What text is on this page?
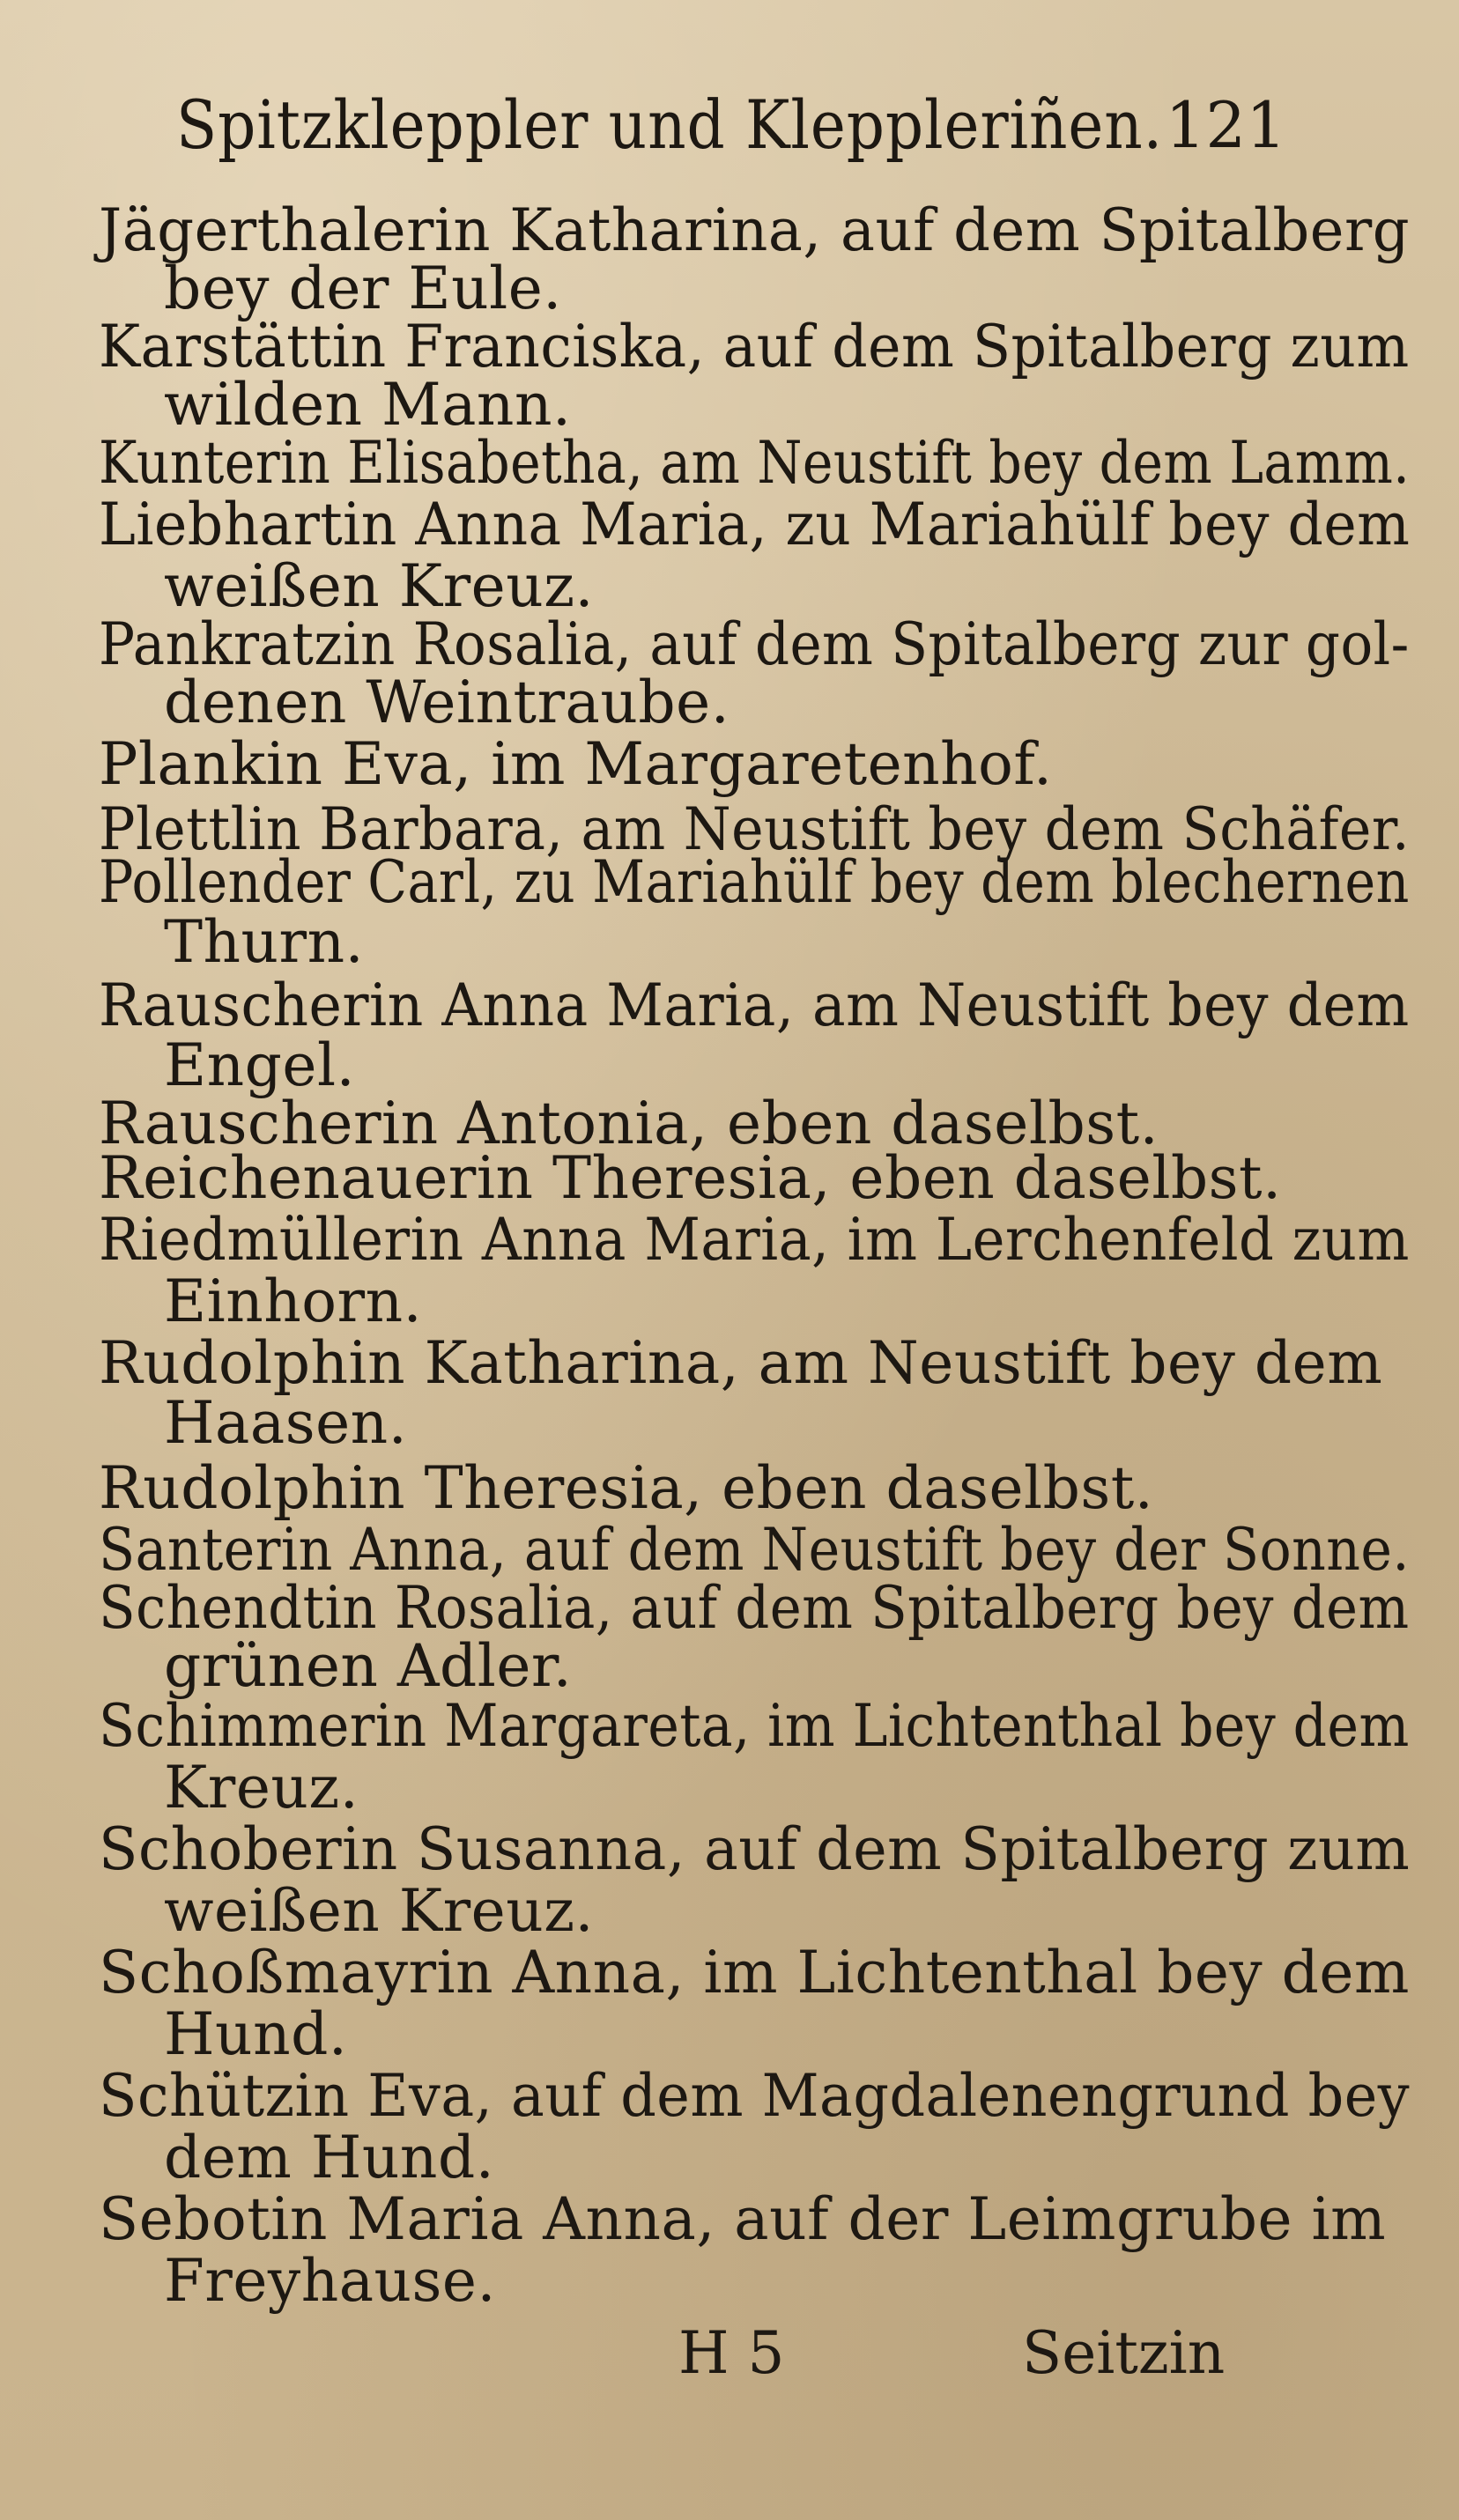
Spitzkleppler und Kleppleriñen. 121
Jägerthalerin Katharina, auf dem Spitalberg
bey der Eule.
Karstättin Franciska, auf dem Spitalberg zum
wilden Mann.
Kunterin Elisabetha, am Neustift bey dem Lamm.
Liebhartin Anna Maria, zu Mariahülf bey dem
weißen Kreuz.
Pankratzin Rosalia, auf dem Spitalberg zur gol-
denen Weintraube.
Plankin Eva, im Margaretenhof.
Plettlin Barbara, am Neustift bey dem Schäfer.
Pollender Carl, zu Mariahülf bey dem blechernen
Thurn.
Rauscherin Anna Maria, am Neustift bey dem
Engel.
Rauscherin Antonia, eben daselbst.
Reichenauerin Theresia, eben daselbst.
Riedmüllerin Anna Maria, im Lerchenfeld zum
Einhorn.
Rudolphin Katharina, am Neustift bey dem
Haasen.
Rudolphin Theresia, eben daselbst.
Santerin Anna, auf dem Neustift bey der Sonne.
Schendtin Rosalia, auf dem Spitalberg bey dem
grünen Adler.
Schimmerin Margareta, im Lichtenthal bey dem
Kreuz.
Schoberin Susanna, auf dem Spitalberg zum
weißen Kreuz.
Schoßmayrin Anna, im Lichtenthal bey dem
Hund.
Schützin Eva, auf dem Magdalenengrund bey
dem Hund.
Sebotin Maria Anna, auf der Leimgrube im
Freyhause.
H 5	Seitzin
